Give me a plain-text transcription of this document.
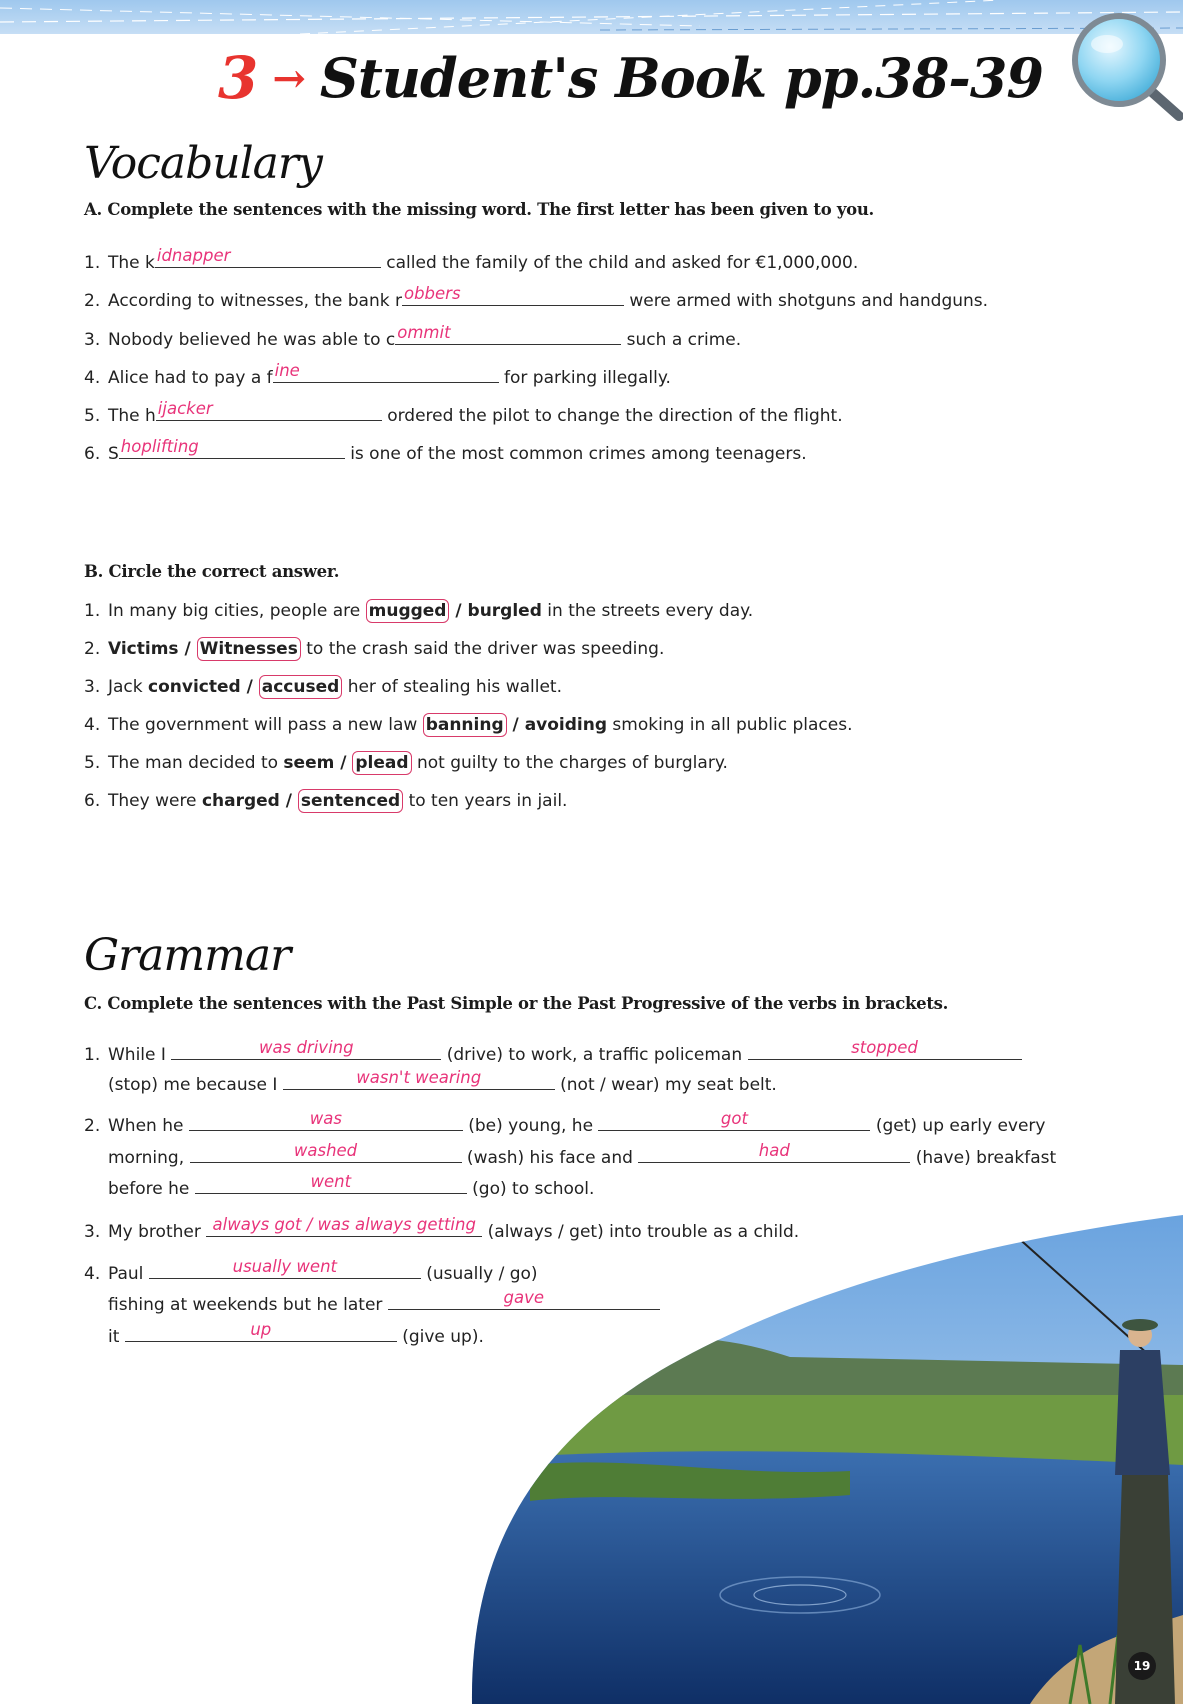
3 → Student's Book pp.38-39
Vocabulary
A. Complete the sentences with the missing word. The first letter has been given to you.
1. The k idnapper	called the family of the child and asked for €1,000,000.
2. According to witnesses, the bank r obbers	were armed with shotguns and handguns.
3. Nobody believed he was able to c ommit	such a crime.
4. Alice had to pay a f ine	for parking illegally.
5. The h ijacker	ordered the pilot to change the direction of the flight.
6. S hoplifting	is one of the most common crimes among teenagers.
B. Circle the correct answer.
1. In many big cities, people are mugged / burgled in the streets every day.
2. Victims / Witnesses to the crash said the driver was speeding.
3. Jack convicted / accused her of stealing his wallet.
4. The government will pass a new law banning / avoiding smoking in all public places.
5. The man decided to seem / plead not guilty to the charges of burglary.
6. They were charged / sentenced to ten years in jail.
Grammar
C. Complete the sentences with the Past Simple or the Past Progressive of the verbs in brackets.
1. While I	was driving	(drive) to work, a traffic policeman	stopped
(stop) me because I	wasn't wearing	(not / wear) my seat belt.
2. When he	was	(be) young, he	got	(get) up early every
morning,	washed	(wash) his face and	had	(have) breakfast
before he	went	(go) to school.
3. My brother always got / was always getting (always / get) into trouble as a child.
4. Paul	usually went	(usually / go)
fishing at weekends but he later	gave
it	up	(give up).
19
